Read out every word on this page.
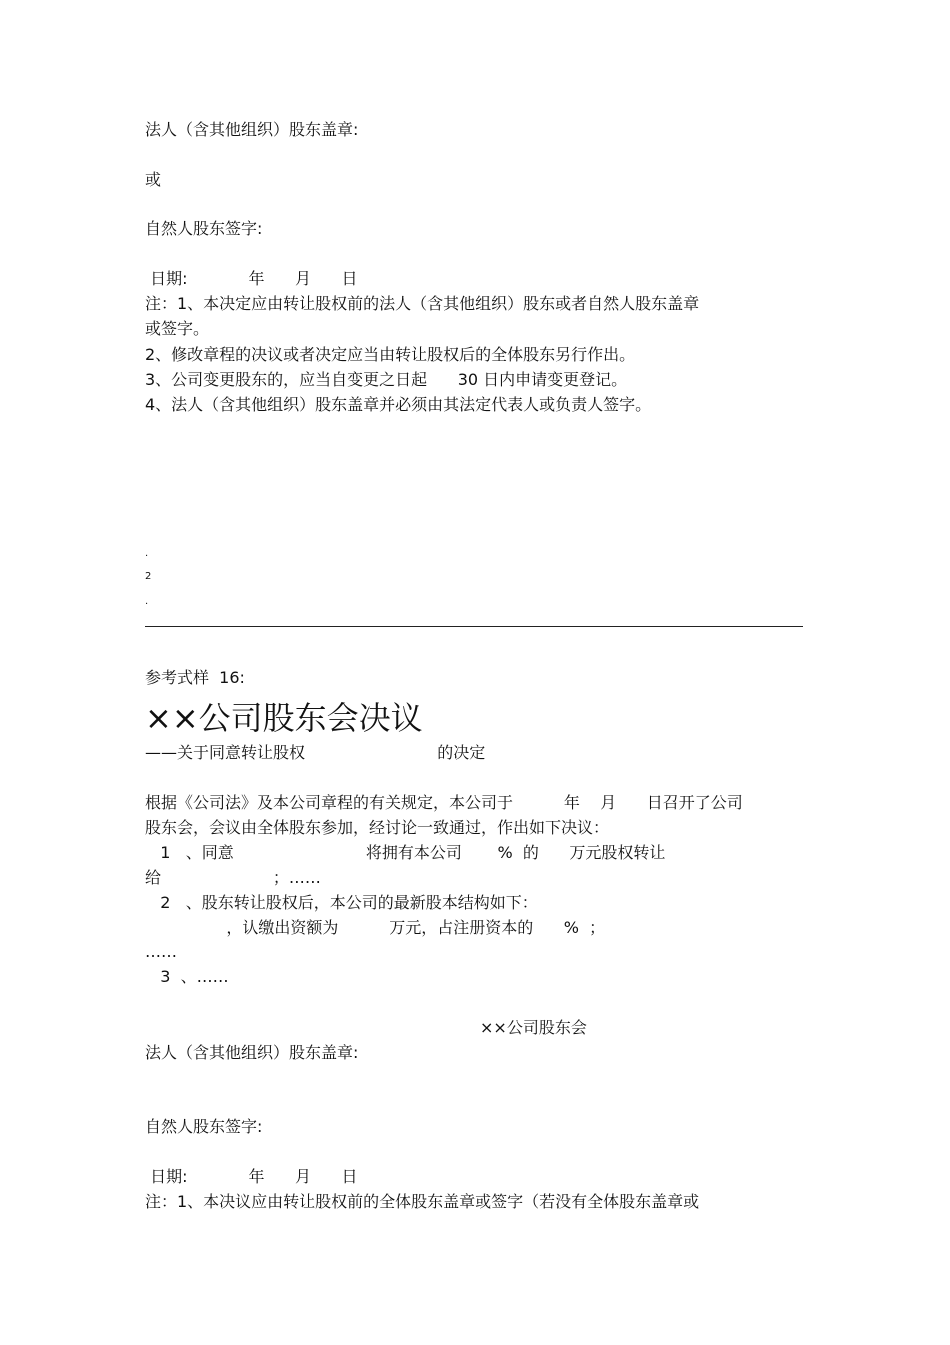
法人（含其他组织）股东盖章:
或
自然人股东签字:
日期:            年      月      日
注：1、本决定应由转让股权前的法人（含其他组织）股东或者自然人股东盖章
或签字。
2、修改章程的决议或者决定应当由转让股权后的全体股东另行作出。
3、公司变更股东的，应当自变更之日起      30 日内申请变更登记。
4、法人（含其他组织）股东盖章并必须由其法定代表人或负责人签字。
.
2
.
参考式样  16:
××公司股东会决议
——关于同意转让股权                          的决定
根据《公司法》及本公司章程的有关规定，本公司于          年    月      日召开了公司
股东会，会议由全体股东参加，经讨论一致通过，作出如下决议：
1   、同意                          将拥有本公司       %  的      万元股权转让
给                      ；……
2   、股东转让股权后，本公司的最新股本结构如下：
，认缴出资额为          万元，占注册资本的      %  ；
……
3  、……
××公司股东会
法人（含其他组织）股东盖章:
自然人股东签字:
日期:            年      月      日
注：1、本决议应由转让股权前的全体股东盖章或签字（若没有全体股东盖章或
